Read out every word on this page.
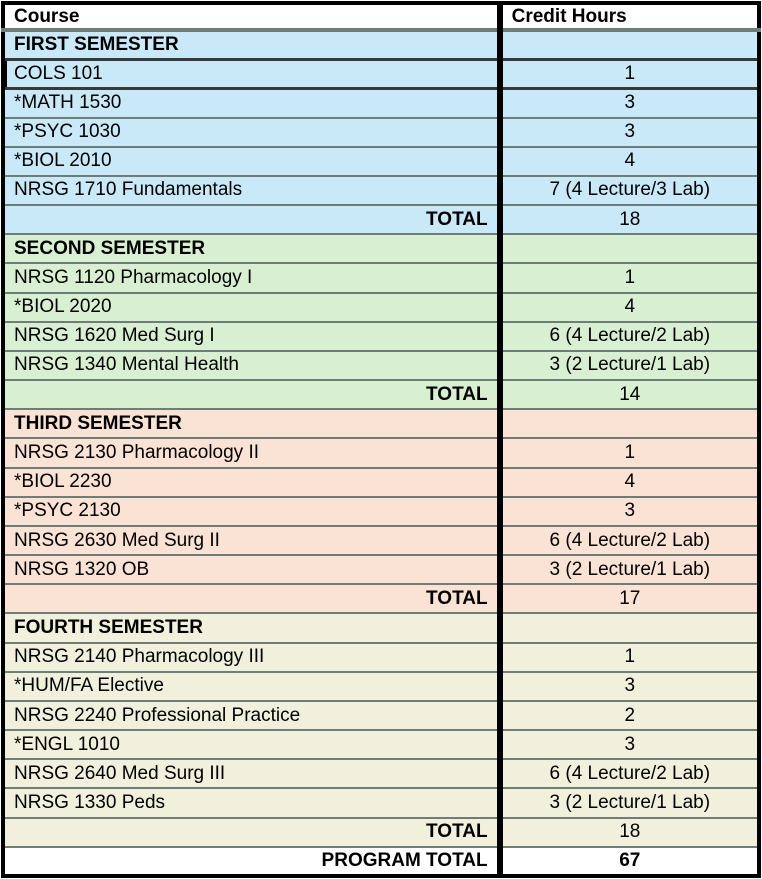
Course	Credit Hours
FIRST SEMESTER	
COLS 101	1
*MATH 1530	3
*PSYC 1030	3
*BIOL 2010	4
NRSG 1710 Fundamentals	7 (4 Lecture/3 Lab)
TOTAL	18
SECOND SEMESTER	
NRSG 1120 Pharmacology I	1
*BIOL 2020	4
NRSG 1620 Med Surg I	6 (4 Lecture/2 Lab)
NRSG 1340 Mental Health	3 (2 Lecture/1 Lab)
TOTAL	14
THIRD SEMESTER	
NRSG 2130 Pharmacology II	1
*BIOL 2230	4
*PSYC 2130	3
NRSG 2630 Med Surg II	6 (4 Lecture/2 Lab)
NRSG 1320 OB	3 (2 Lecture/1 Lab)
TOTAL	17
FOURTH SEMESTER	
NRSG 2140 Pharmacology III	1
*HUM/FA Elective	3
NRSG 2240 Professional Practice	2
*ENGL 1010	3
NRSG 2640 Med Surg III	6 (4 Lecture/2 Lab)
NRSG 1330 Peds	3 (2 Lecture/1 Lab)
TOTAL	18
PROGRAM TOTAL	67
